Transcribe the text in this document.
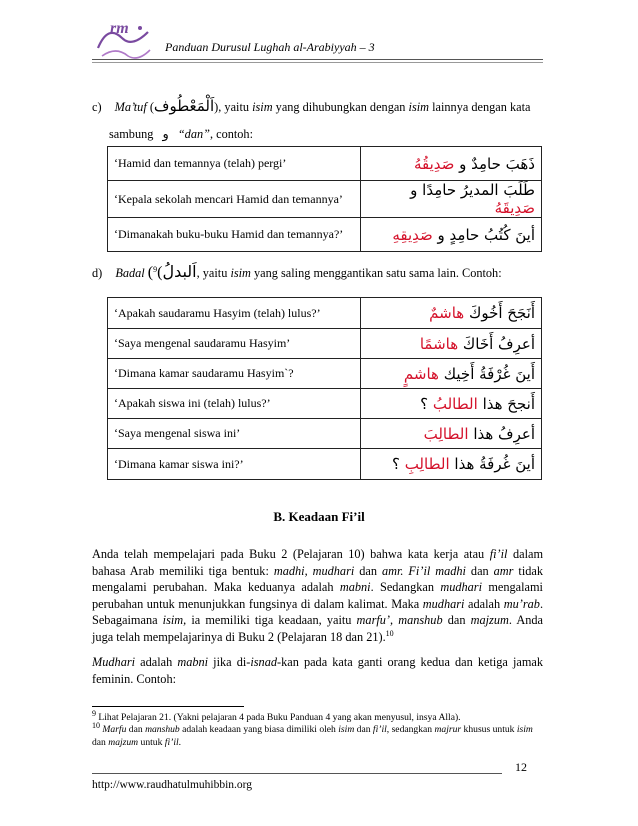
rm
Panduan Durusul Lughah al-Arabiyyah – 3
c) Ma’tuf (اَلْمَعْطُوف), yaitu isim yang dihubungkan dengan isim lainnya dengan kata
sambung و “dan”, contoh:
‘Hamid dan temannya (telah) pergi’	ذَهَبَ حامِدٌ و صَدِيقُهُ
‘Kepala sekolah mencari Hamid dan temannya’	طَلَبَ المديرُ حامِدًا و صَدِيقَهُ
‘Dimanakah buku-buku Hamid dan temannya?’	أينَ كُتُبُ حامِدٍ و صَدِيقِهِ
d) Badal ( اَلبدلُ)$^9$	, yaitu isim yang saling menggantikan satu sama lain. Contoh:
‘Apakah saudaramu Hasyim (telah) lulus?’	أَنَجَحَ أَخُوكَ هاشمٌ
‘Saya mengenal saudaramu Hasyim’	أعرِفُ أَخَاكَ هاشمًا
‘Dimana kamar saudaramu Hasyim`?	أَينَ غُرْفَةُ أَخِيك هاشمٍ
‘Apakah siswa ini (telah) lulus?’	أَنجحَ هذا الطالبُ ؟
‘Saya mengenal siswa ini’	أعرِفُ هذا الطالِبَ
‘Dimana kamar siswa ini?’	أينَ غُرفَةُ هذا الطالِبِ ؟
B. Keadaan Fi’il
Anda telah mempelajari pada Buku 2 (Pelajaran 10) bahwa kata kerja atau fi’il dalam bahasa Arab memiliki tiga bentuk: madhi, mudhari dan amr. Fi’il madhi dan amr tidak mengalami perubahan. Maka keduanya adalah mabni. Sedangkan mudhari mengalami perubahan untuk menunjukkan fungsinya di dalam kalimat. Maka mudhari adalah mu’rab. Sebagaimana isim, ia memiliki tiga keadaan, yaitu marfu’, manshub dan majzum. Anda juga telah mempelajarinya di Buku 2 (Pelajaran 18 dan 21).$^{10}$
Mudhari adalah mabni jika di-isnad-kan pada kata ganti orang kedua dan ketiga jamak feminin. Contoh:
$^9$ Lihat Pelajaran 21. (Yakni pelajaran 4 pada Buku Panduan 4 yang akan menyusul, insya Alla).
$^{10}$ Marfu dan manshub adalah keadaan yang biasa dimiliki oleh isim dan fi’il, sedangkan majrur khusus untuk isim dan majzum untuk fi’il.
12
http://www.raudhatulmuhibbin.org
